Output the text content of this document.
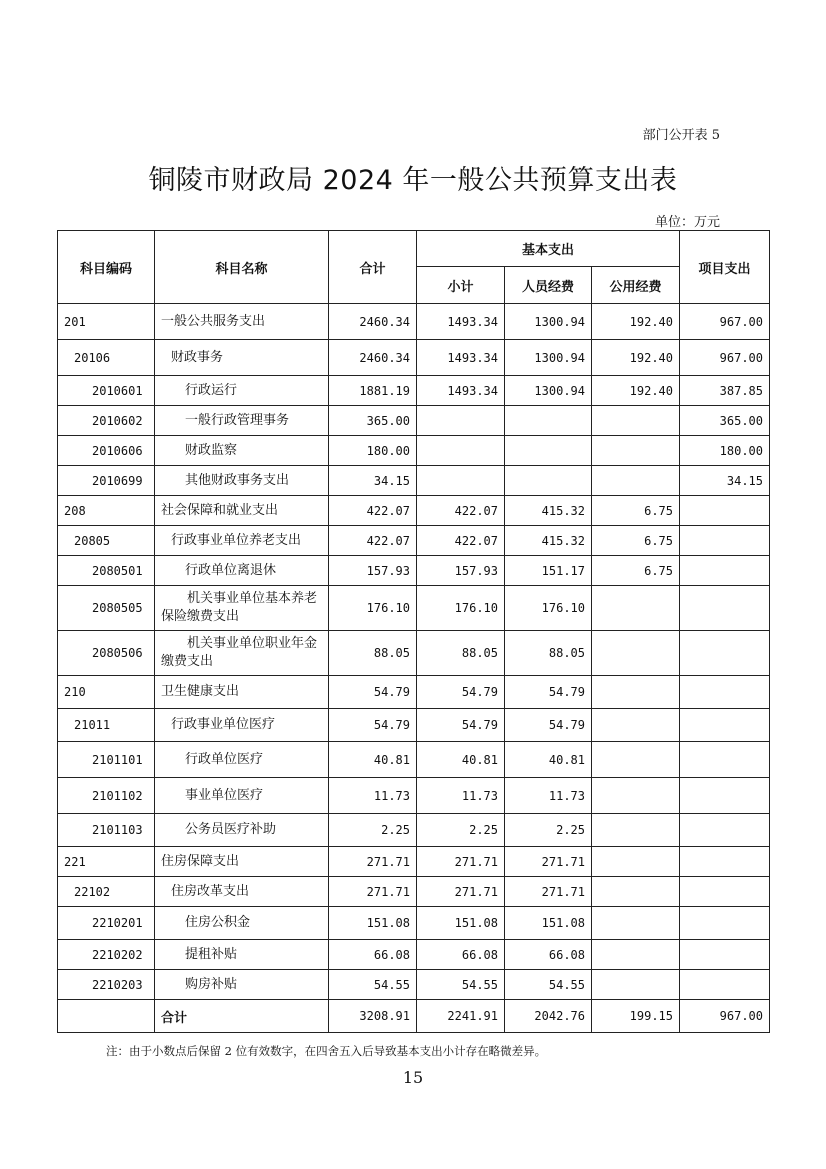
部门公开表 5
铜陵市财政局 2024 年一般公共预算支出表
单位：万元
科目编码	科目名称	合计	基本支出			项目支出
			小计	人员经费	公用经费	
201	一般公共服务支出	2460.34	1493.34	1300.94	192.40	967.00
20106	财政事务	2460.34	1493.34	1300.94	192.40	967.00
2010601	行政运行	1881.19	1493.34	1300.94	192.40	387.85
2010602	一般行政管理事务	365.00				365.00
2010606	财政监察	180.00				180.00
2010699	其他财政事务支出	34.15				34.15
208	社会保障和就业支出	422.07	422.07	415.32	6.75	
20805	行政事业单位养老支出	422.07	422.07	415.32	6.75	
2080501	行政单位离退休	157.93	157.93	151.17	6.75	
2080505	机关事业单位基本养老保险缴费支出	176.10	176.10	176.10		
2080506	机关事业单位职业年金缴费支出	88.05	88.05	88.05		
210	卫生健康支出	54.79	54.79	54.79		
21011	行政事业单位医疗	54.79	54.79	54.79		
2101101	行政单位医疗	40.81	40.81	40.81		
2101102	事业单位医疗	11.73	11.73	11.73		
2101103	公务员医疗补助	2.25	2.25	2.25		
221	住房保障支出	271.71	271.71	271.71		
22102	住房改革支出	271.71	271.71	271.71		
2210201	住房公积金	151.08	151.08	151.08		
2210202	提租补贴	66.08	66.08	66.08		
2210203	购房补贴	54.55	54.55	54.55		
	合计	3208.91	2241.91	2042.76	199.15	967.00
注：由于小数点后保留 2 位有效数字，在四舍五入后导致基本支出小计存在略微差异。
15
